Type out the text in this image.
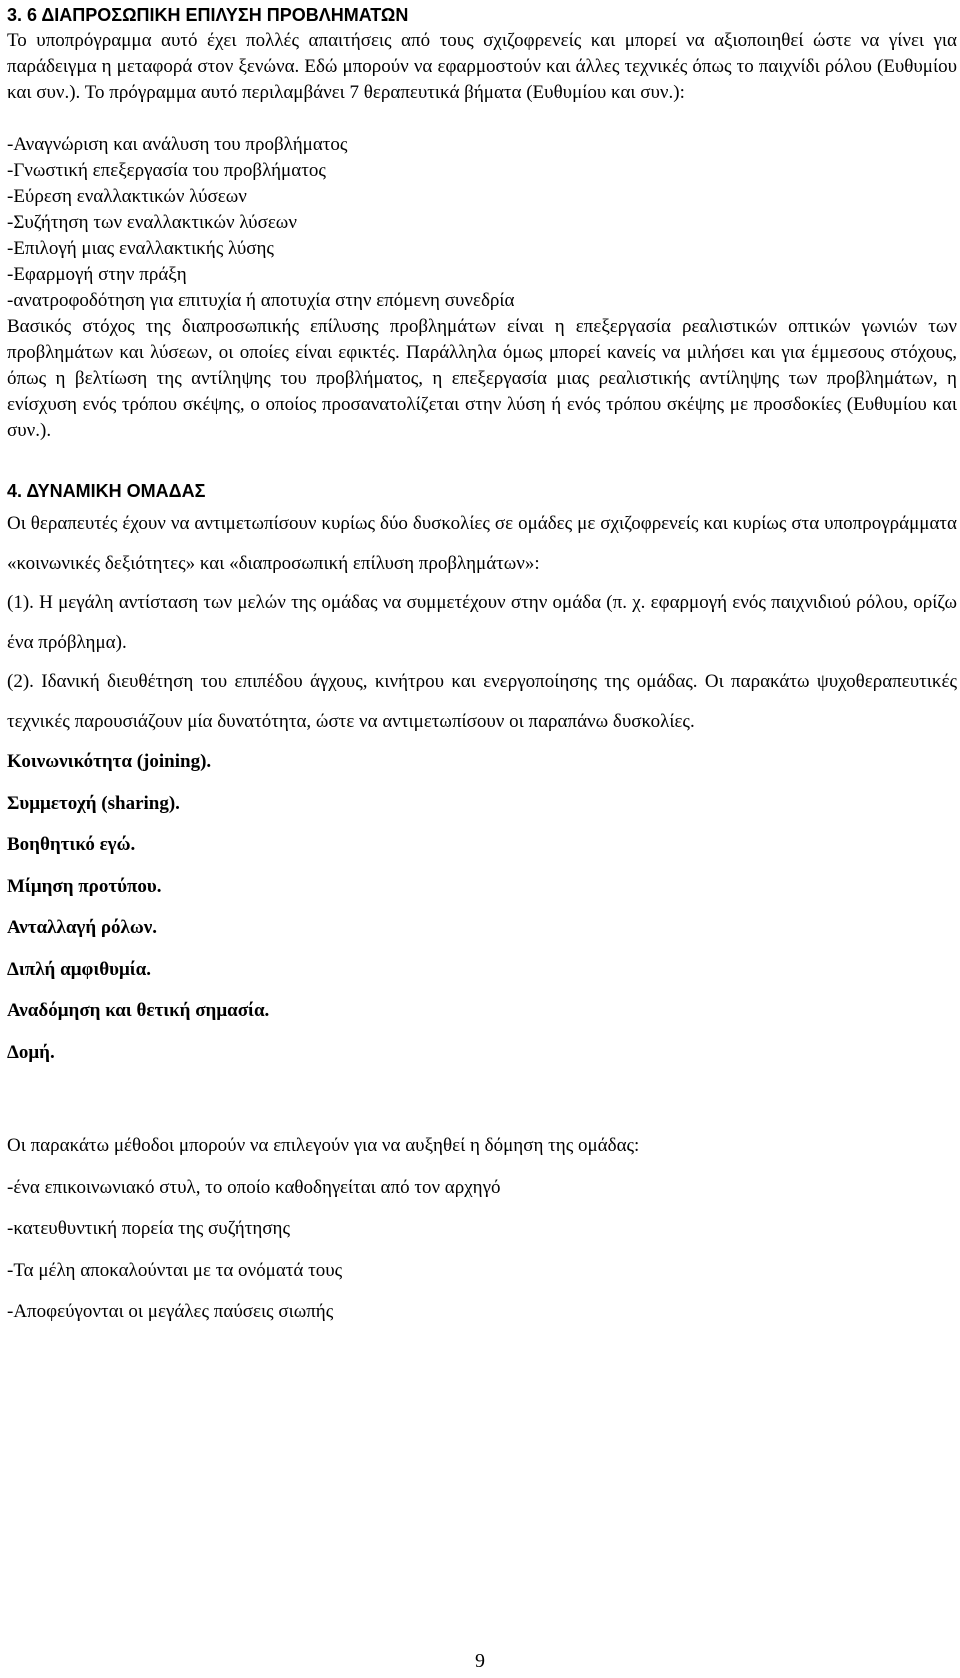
3. 6 ΔΙΑΠΡΟΣΩΠΙΚΗ ΕΠΙΛΥΣΗ ΠΡΟΒΛΗΜΑΤΩΝ

Το υποπρόγραμμα αυτό έχει πολλές απαιτήσεις από τους σχιζοφρενείς και μπορεί να αξιοποιηθεί ώστε να γίνει για παράδειγμα η μεταφορά στον ξενώνα. Εδώ μπορούν να εφαρμοστούν και άλλες τεχνικές όπως το παιχνίδι ρόλου (Ευθυμίου και συν.). Το πρόγραμμα αυτό περιλαμβάνει 7 θεραπευτικά βήματα (Ευθυμίου και συν.):

-Αναγνώριση και ανάλυση του προβλήματος

-Γνωστική επεξεργασία του προβλήματος

-Εύρεση εναλλακτικών λύσεων

-Συζήτηση των εναλλακτικών λύσεων

-Επιλογή μιας εναλλακτικής λύσης

-Εφαρμογή στην πράξη

-ανατροφοδότηση για επιτυχία ή αποτυχία στην επόμενη συνεδρία

Βασικός στόχος της διαπροσωπικής επίλυσης προβλημάτων είναι η επεξεργασία ρεαλιστικών οπτικών γωνιών των προβλημάτων και λύσεων, οι οποίες είναι εφικτές. Παράλληλα όμως μπορεί κανείς να μιλήσει και για έμμεσους στόχους, όπως η βελτίωση της αντίληψης του προβλήματος, η επεξεργασία μιας ρεαλιστικής αντίληψης των προβλημάτων, η ενίσχυση ενός τρόπου σκέψης, ο οποίος προσανατολίζεται στην λύση ή ενός τρόπου σκέψης με προσδοκίες (Ευθυμίου και συν.).

4. ΔΥΝΑΜΙΚΗ ΟΜΑΔΑΣ

Οι θεραπευτές έχουν να αντιμετωπίσουν κυρίως δύο δυσκολίες σε ομάδες με σχιζοφρενείς και κυρίως στα υποπρογράμματα «κοινωνικές δεξιότητες» και «διαπροσωπική επίλυση προβλημάτων»:

(1). Η μεγάλη αντίσταση των μελών της ομάδας να συμμετέχουν στην ομάδα (π. χ. εφαρμογή ενός παιχνιδιού ρόλου, ορίζω ένα πρόβλημα).

(2). Ιδανική διευθέτηση του επιπέδου άγχους, κινήτρου και ενεργοποίησης της ομάδας. Οι παρακάτω ψυχοθεραπευτικές τεχνικές παρουσιάζουν μία δυνατότητα, ώστε να αντιμετωπίσουν οι παραπάνω δυσκολίες.

Κοινωνικότητα (joining).

Συμμετοχή (sharing).

Βοηθητικό εγώ.

Μίμηση προτύπου.

Ανταλλαγή ρόλων.

Διπλή αμφιθυμία.

Αναδόμηση και θετική σημασία.

Δομή.

Οι παρακάτω μέθοδοι μπορούν να επιλεγούν για να αυξηθεί η δόμηση της ομάδας:

-ένα επικοινωνιακό στυλ, το οποίο καθοδηγείται από τον αρχηγό

-κατευθυντική πορεία της συζήτησης

-Τα μέλη αποκαλούνται με τα ονόματά τους

-Αποφεύγονται οι μεγάλες παύσεις σιωπής

9
